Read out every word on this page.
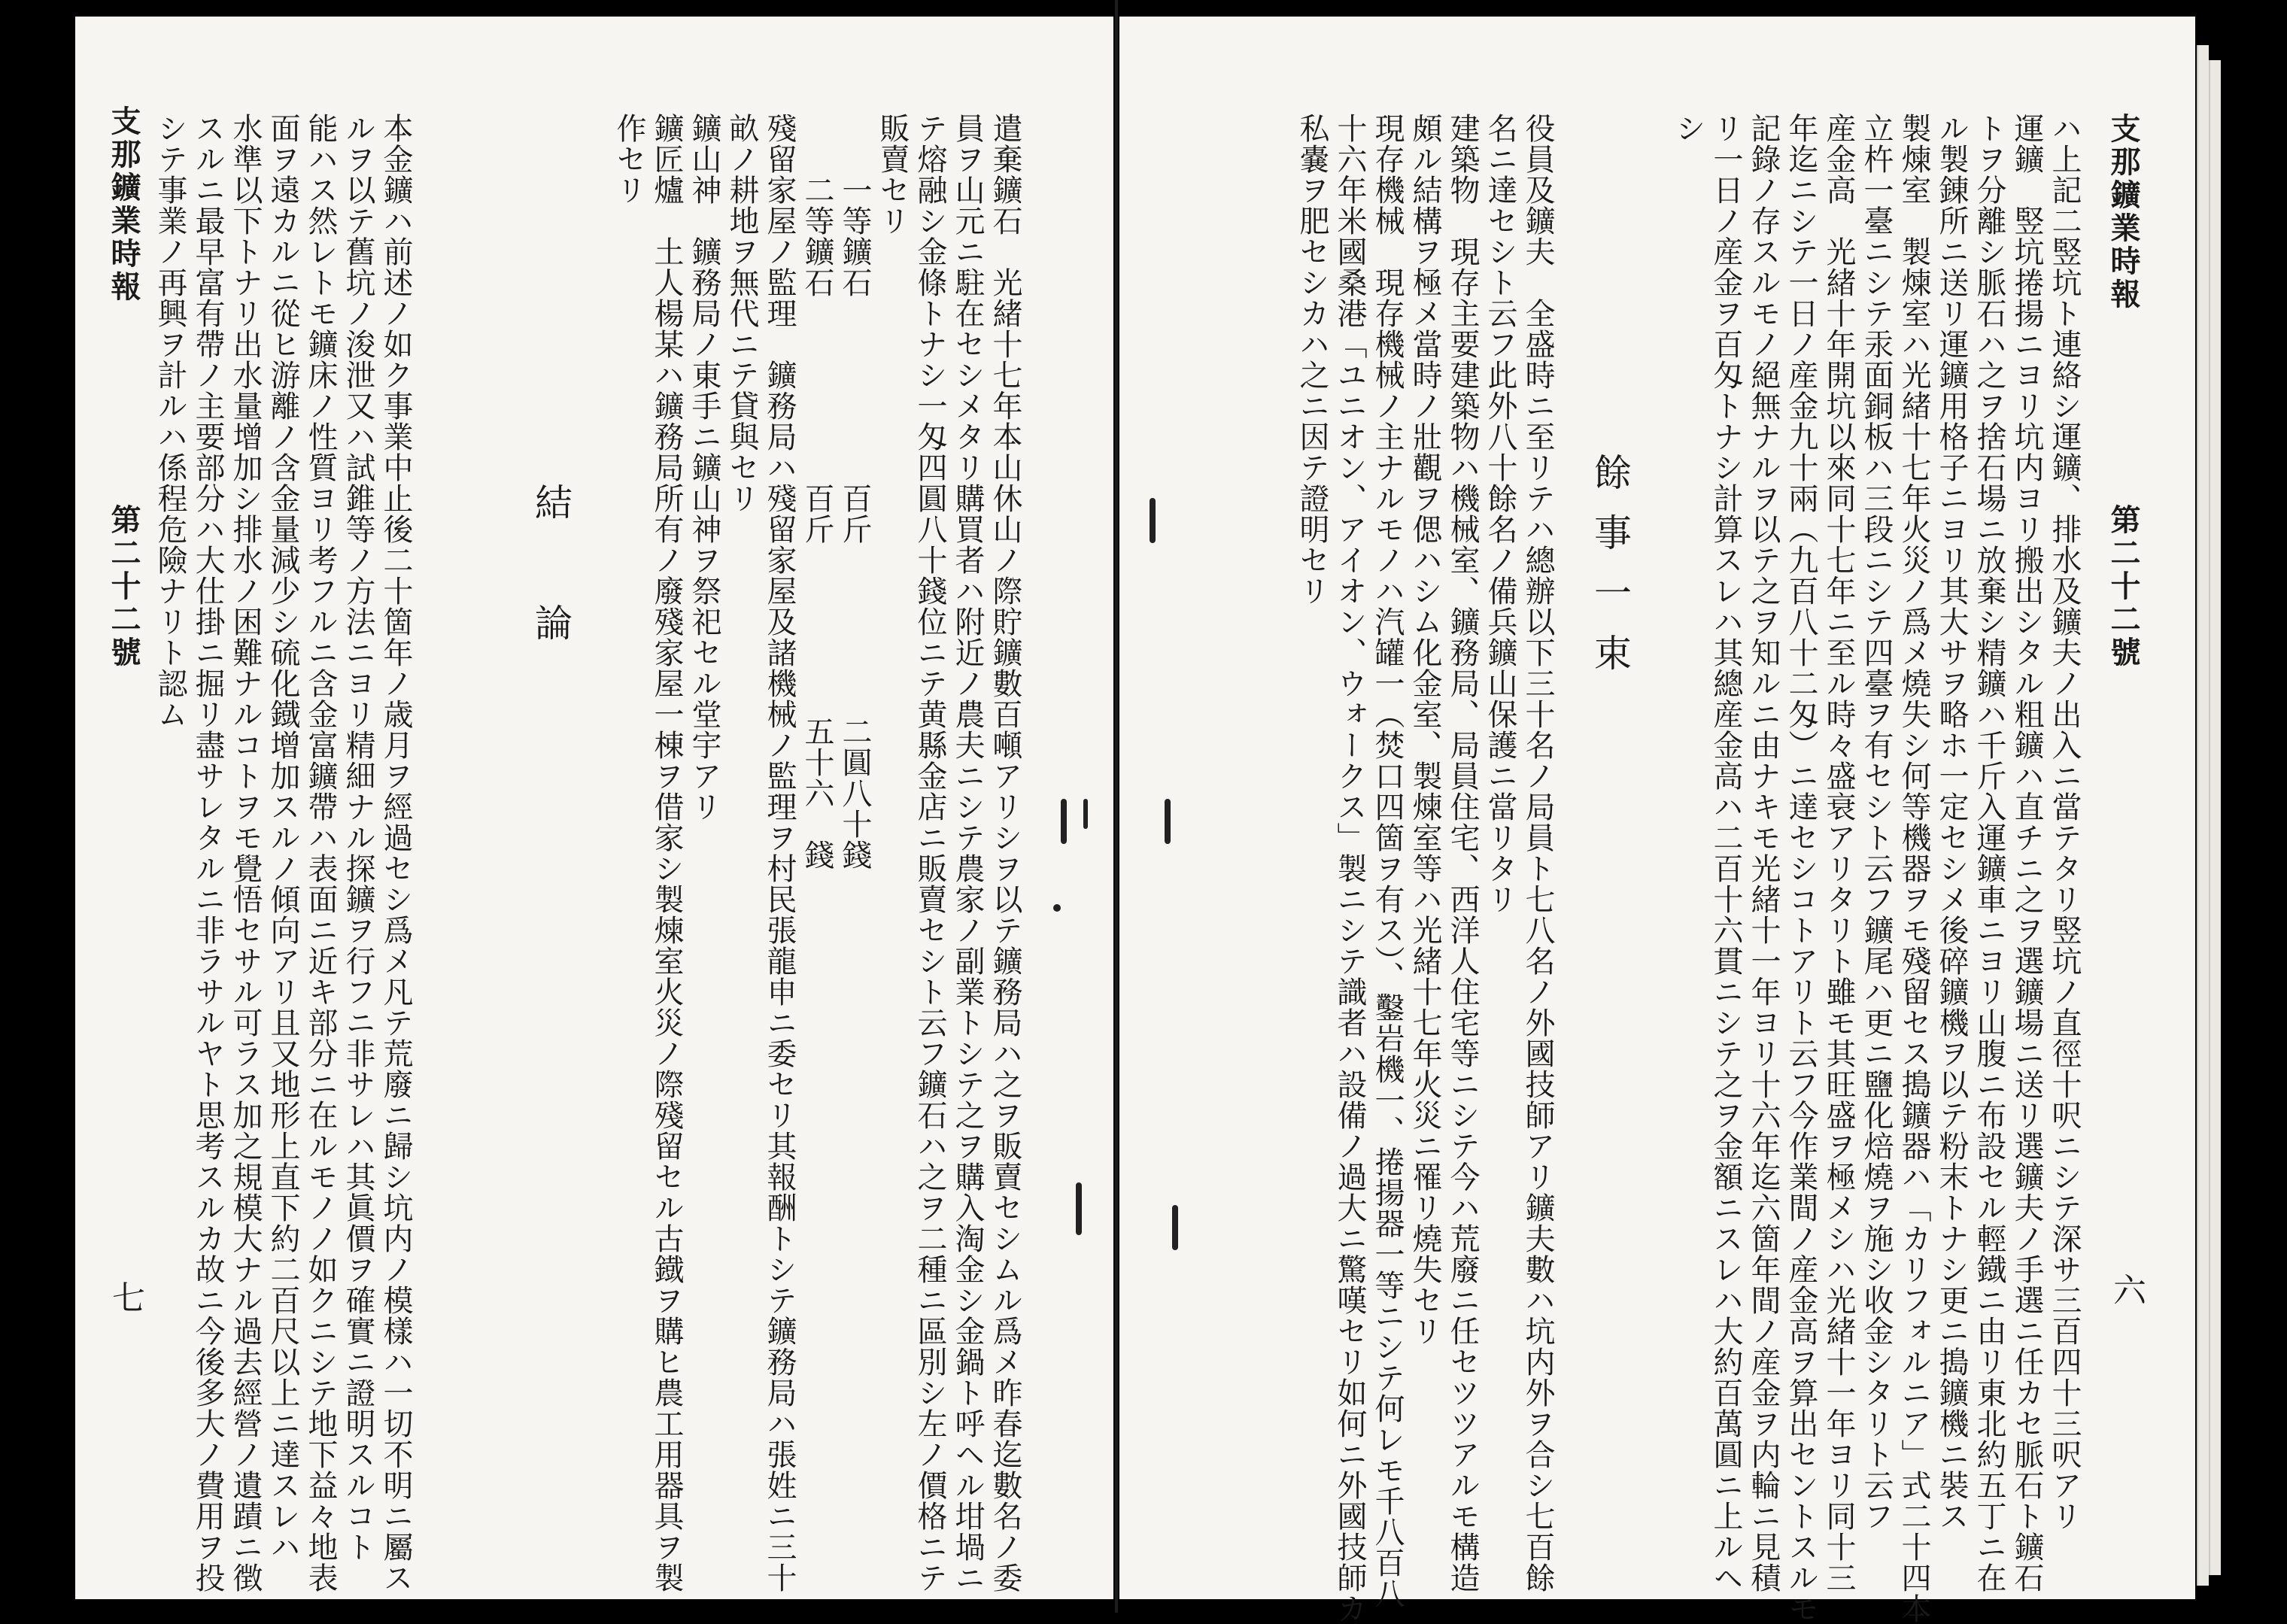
遣棄鑛石　光緒十七年本山休山ノ際貯鑛數百噸アリシヲ以テ鑛務局ハ之ヲ販賣セシムル爲メ昨春迄數名ノ委
員ヲ山元ニ駐在セシメタリ購買者ハ附近ノ農夫ニシテ農家ノ副業トシテ之ヲ購入淘金シ金鍋ト呼ヘル坩堝ニ
テ熔融シ金條トナシ一匁四圓八十錢位ニテ黄縣金店ニ販賣セシト云フ鑛石ハ之ヲ二種ニ區別シ左ノ價格ニテ
販賣セリ
一等鑛石
百斤
二圓八十錢
二等鑛石
百斤
五十六　錢
殘留家屋ノ監理　鑛務局ハ殘留家屋及諸機械ノ監理ヲ村民張龍申ニ委セリ其報酬トシテ鑛務局ハ張姓ニ三十
畝ノ耕地ヲ無代ニテ貸與セリ
鑛山神　鑛務局ノ東手ニ鑛山神ヲ祭祀セル堂宇アリ
鑛匠爐　土人楊某ハ鑛務局所有ノ廢殘家屋一棟ヲ借家シ製煉室火災ノ際殘留セル古鐡ヲ購ヒ農工用器具ヲ製
作セリ
結　論
本金鑛ハ前述ノ如ク事業中止後二十箇年ノ歳月ヲ經過セシ爲メ凡テ荒廢ニ歸シ坑内ノ模樣ハ一切不明ニ屬ス
ルヲ以テ舊坑ノ浚泄又ハ試錐等ノ方法ニヨリ精細ナル探鑛ヲ行フニ非サレハ其眞價ヲ確實ニ證明スルコト
能ハス然レトモ鑛床ノ性質ヨリ考フルニ含金富鑛帶ハ表面ニ近キ部分ニ在ルモノノ如クニシテ地下益々地表
面ヲ遠カルニ從ヒ游離ノ含金量減少シ硫化鐡增加スルノ傾向アリ且又地形上直下約二百尺以上ニ達スレハ
水準以下トナリ出水量增加シ排水ノ困難ナルコトヲモ覺悟セサル可ラス加之規模大ナル過去經營ノ遺蹟ニ徴
スルニ最早富有帶ノ主要部分ハ大仕掛ニ掘リ盡サレタルニ非ラサルヤト思考スルカ故ニ今後多大ノ費用ヲ投
シテ事業ノ再興ヲ計ルハ係程危險ナリト認ム
支那鑛業時報
第二十二號
七
支那鑛業時報
第二十二號
六
ハ上記二竪坑ト連絡シ運鑛、排水及鑛夫ノ出入ニ當テタリ竪坑ノ直徑十呎ニシテ深サ三百四十三呎アリ
運鑛　竪坑捲揚ニヨリ坑内ヨリ搬出シタル粗鑛ハ直チニ之ヲ選鑛場ニ送リ選鑛夫ノ手選ニ任カセ脈石ト鑛石
トヲ分離シ脈石ハ之ヲ捨石場ニ放棄シ精鑛ハ千斤入運鑛車ニヨリ山腹ニ布設セル輕鐡ニ由リ東北約五丁ニ在
ル製錬所ニ送リ運鑛用格子ニヨリ其大サヲ略ホ一定セシメ後碎鑛機ヲ以テ粉末トナシ更ニ搗鑛機ニ裝ス
製煉室　製煉室ハ光緒十七年火災ノ爲メ燒失シ何等機器ヲモ殘留セス搗鑛器ハ「カリフォルニア」式二十四本
立杵一臺ニシテ汞面銅板ハ三段ニシテ四臺ヲ有セシト云フ鑛尾ハ更ニ鹽化焙燒ヲ施シ收金シタリト云フ
産金高　光緒十年開坑以來同十七年ニ至ル時々盛衰アリタリト雖モ其旺盛ヲ極メシハ光緒十一年ヨリ同十三
年迄ニシテ一日ノ産金九十兩（九百八十二匁）ニ達セシコトアリト云フ今作業間ノ産金高ヲ算出セントスルモ
記錄ノ存スルモノ絕無ナルヲ以テ之ヲ知ルニ由ナキモ光緒十一年ヨリ十六年迄六箇年間ノ産金ヲ内輪ニ見積
リ一日ノ産金ヲ百匁トナシ計算スレハ其總産金高ハ二百十六貫ニシテ之ヲ金額ニスレハ大約百萬圓ニ上ルヘ
シ
餘事一束
役員及鑛夫　全盛時ニ至リテハ總辦以下三十名ノ局員ト七八名ノ外國技師アリ鑛夫數ハ坑内外ヲ合シ七百餘
名ニ達セシト云フ此外八十餘名ノ備兵鑛山保護ニ當リタリ
建築物　現存主要建築物ハ機械室、鑛務局、局員住宅、西洋人住宅等ニシテ今ハ荒廢ニ任セツツアルモ構造
頗ル結構ヲ極メ當時ノ壯觀ヲ偲ハシム化金室、製煉室等ハ光緒十七年火災ニ罹リ燒失セリ
現存機械　現存機械ノ主ナルモノハ汽罐一（焚口四箇ヲ有ス）、鑿岩機一、捲揚器一等ニシテ何レモ千八百八
十六年米國桑港「ユニオン、アイオン、ウォークス」製ニシテ識者ハ設備ノ過大ニ驚嘆セリ如何ニ外國技師カ
私嚢ヲ肥セシカハ之ニ因テ證明セリ
